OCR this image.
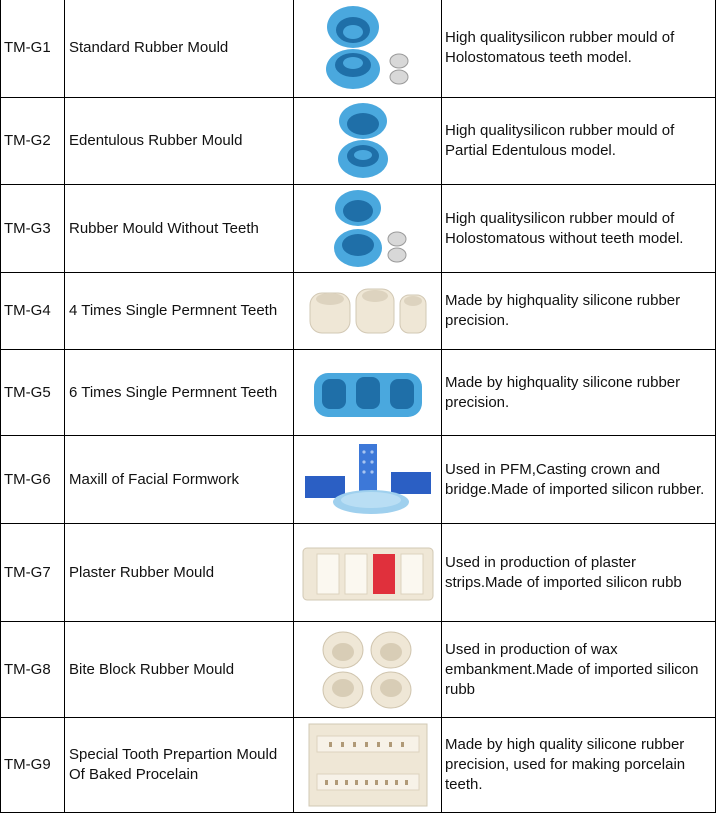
TM-G1	Standard Rubber Mould		High qualitysilicon rubber mould of Holostomatous teeth model.
TM-G2	Edentulous Rubber Mould		High qualitysilicon rubber mould of Partial Edentulous model.
TM-G3	Rubber Mould Without Teeth		High qualitysilicon rubber mould of Holostomatous without teeth model.
TM-G4	4 Times Single Permnent Teeth		Made by highquality silicone rubber precision.
TM-G5	6 Times Single Permnent Teeth		Made by highquality silicone rubber precision.
TM-G6	Maxill of Facial Formwork		Used in PFM,Casting crown and bridge.Made of imported silicon rubber.
TM-G7	Plaster Rubber Mould		Used in production of plaster strips.Made of imported silicon rubb
TM-G8	Bite Block Rubber Mould		Used in production of wax embankment.Made of imported silicon rubb
TM-G9	Special Tooth Prepartion Mould Of Baked Procelain		Made by high quality silicone rubber precision, used for making porcelain teeth.
